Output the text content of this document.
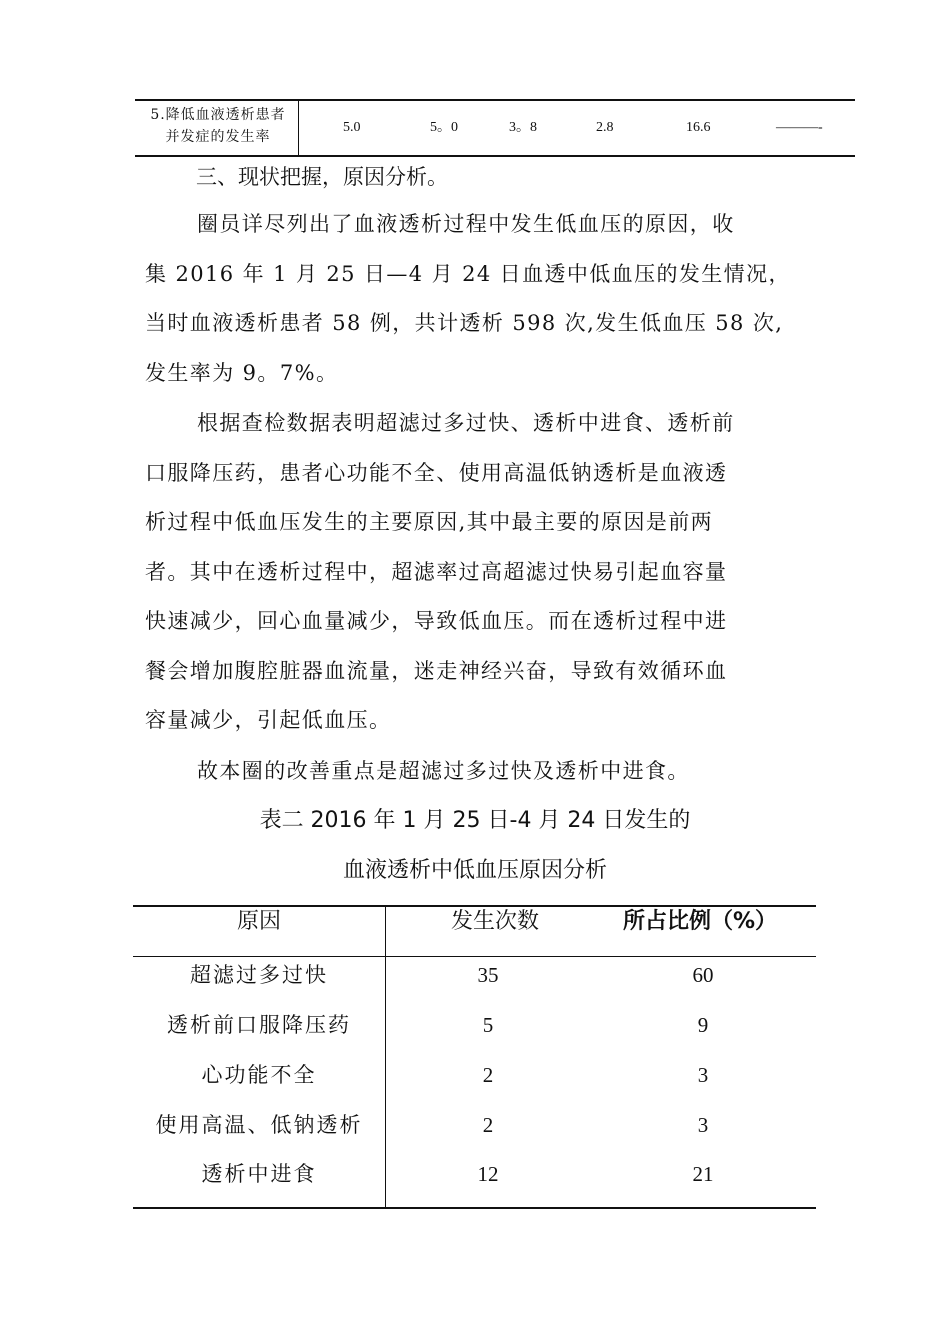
5.降低血液透析患者
并发症的发生率
5.0	5。0	3。8	2.8	16.6	———-
三、现状把握，原因分析。

圈员详尽列出了血液透析过程中发生低血压的原因，收

集 2016 年 1 月 25 日—4 月 24 日血透中低血压的发生情况，

当时血液透析患者 58 例，共计透析 598 次,发生低血压 58 次,

发生率为 9。7%。

根据查检数据表明超滤过多过快、透析中进食、透析前

口服降压药，患者心功能不全、使用高温低钠透析是血液透

析过程中低血压发生的主要原因,其中最主要的原因是前两

者。其中在透析过程中，超滤率过高超滤过快易引起血容量

快速减少，回心血量减少，导致低血压。而在透析过程中进

餐会增加腹腔脏器血流量，迷走神经兴奋，导致有效循环血

容量减少，引起低血压。

故本圈的改善重点是超滤过多过快及透析中进食。

表二 2016 年 1 月 25 日-4 月 24 日发生的
血液透析中低血压原因分析
原因	发生次数	所占比例（%）
超滤过多过快	35	60
透析前口服降压药	5	9
心功能不全	2	3
使用高温、低钠透析	2	3
透析中进食	12	21
